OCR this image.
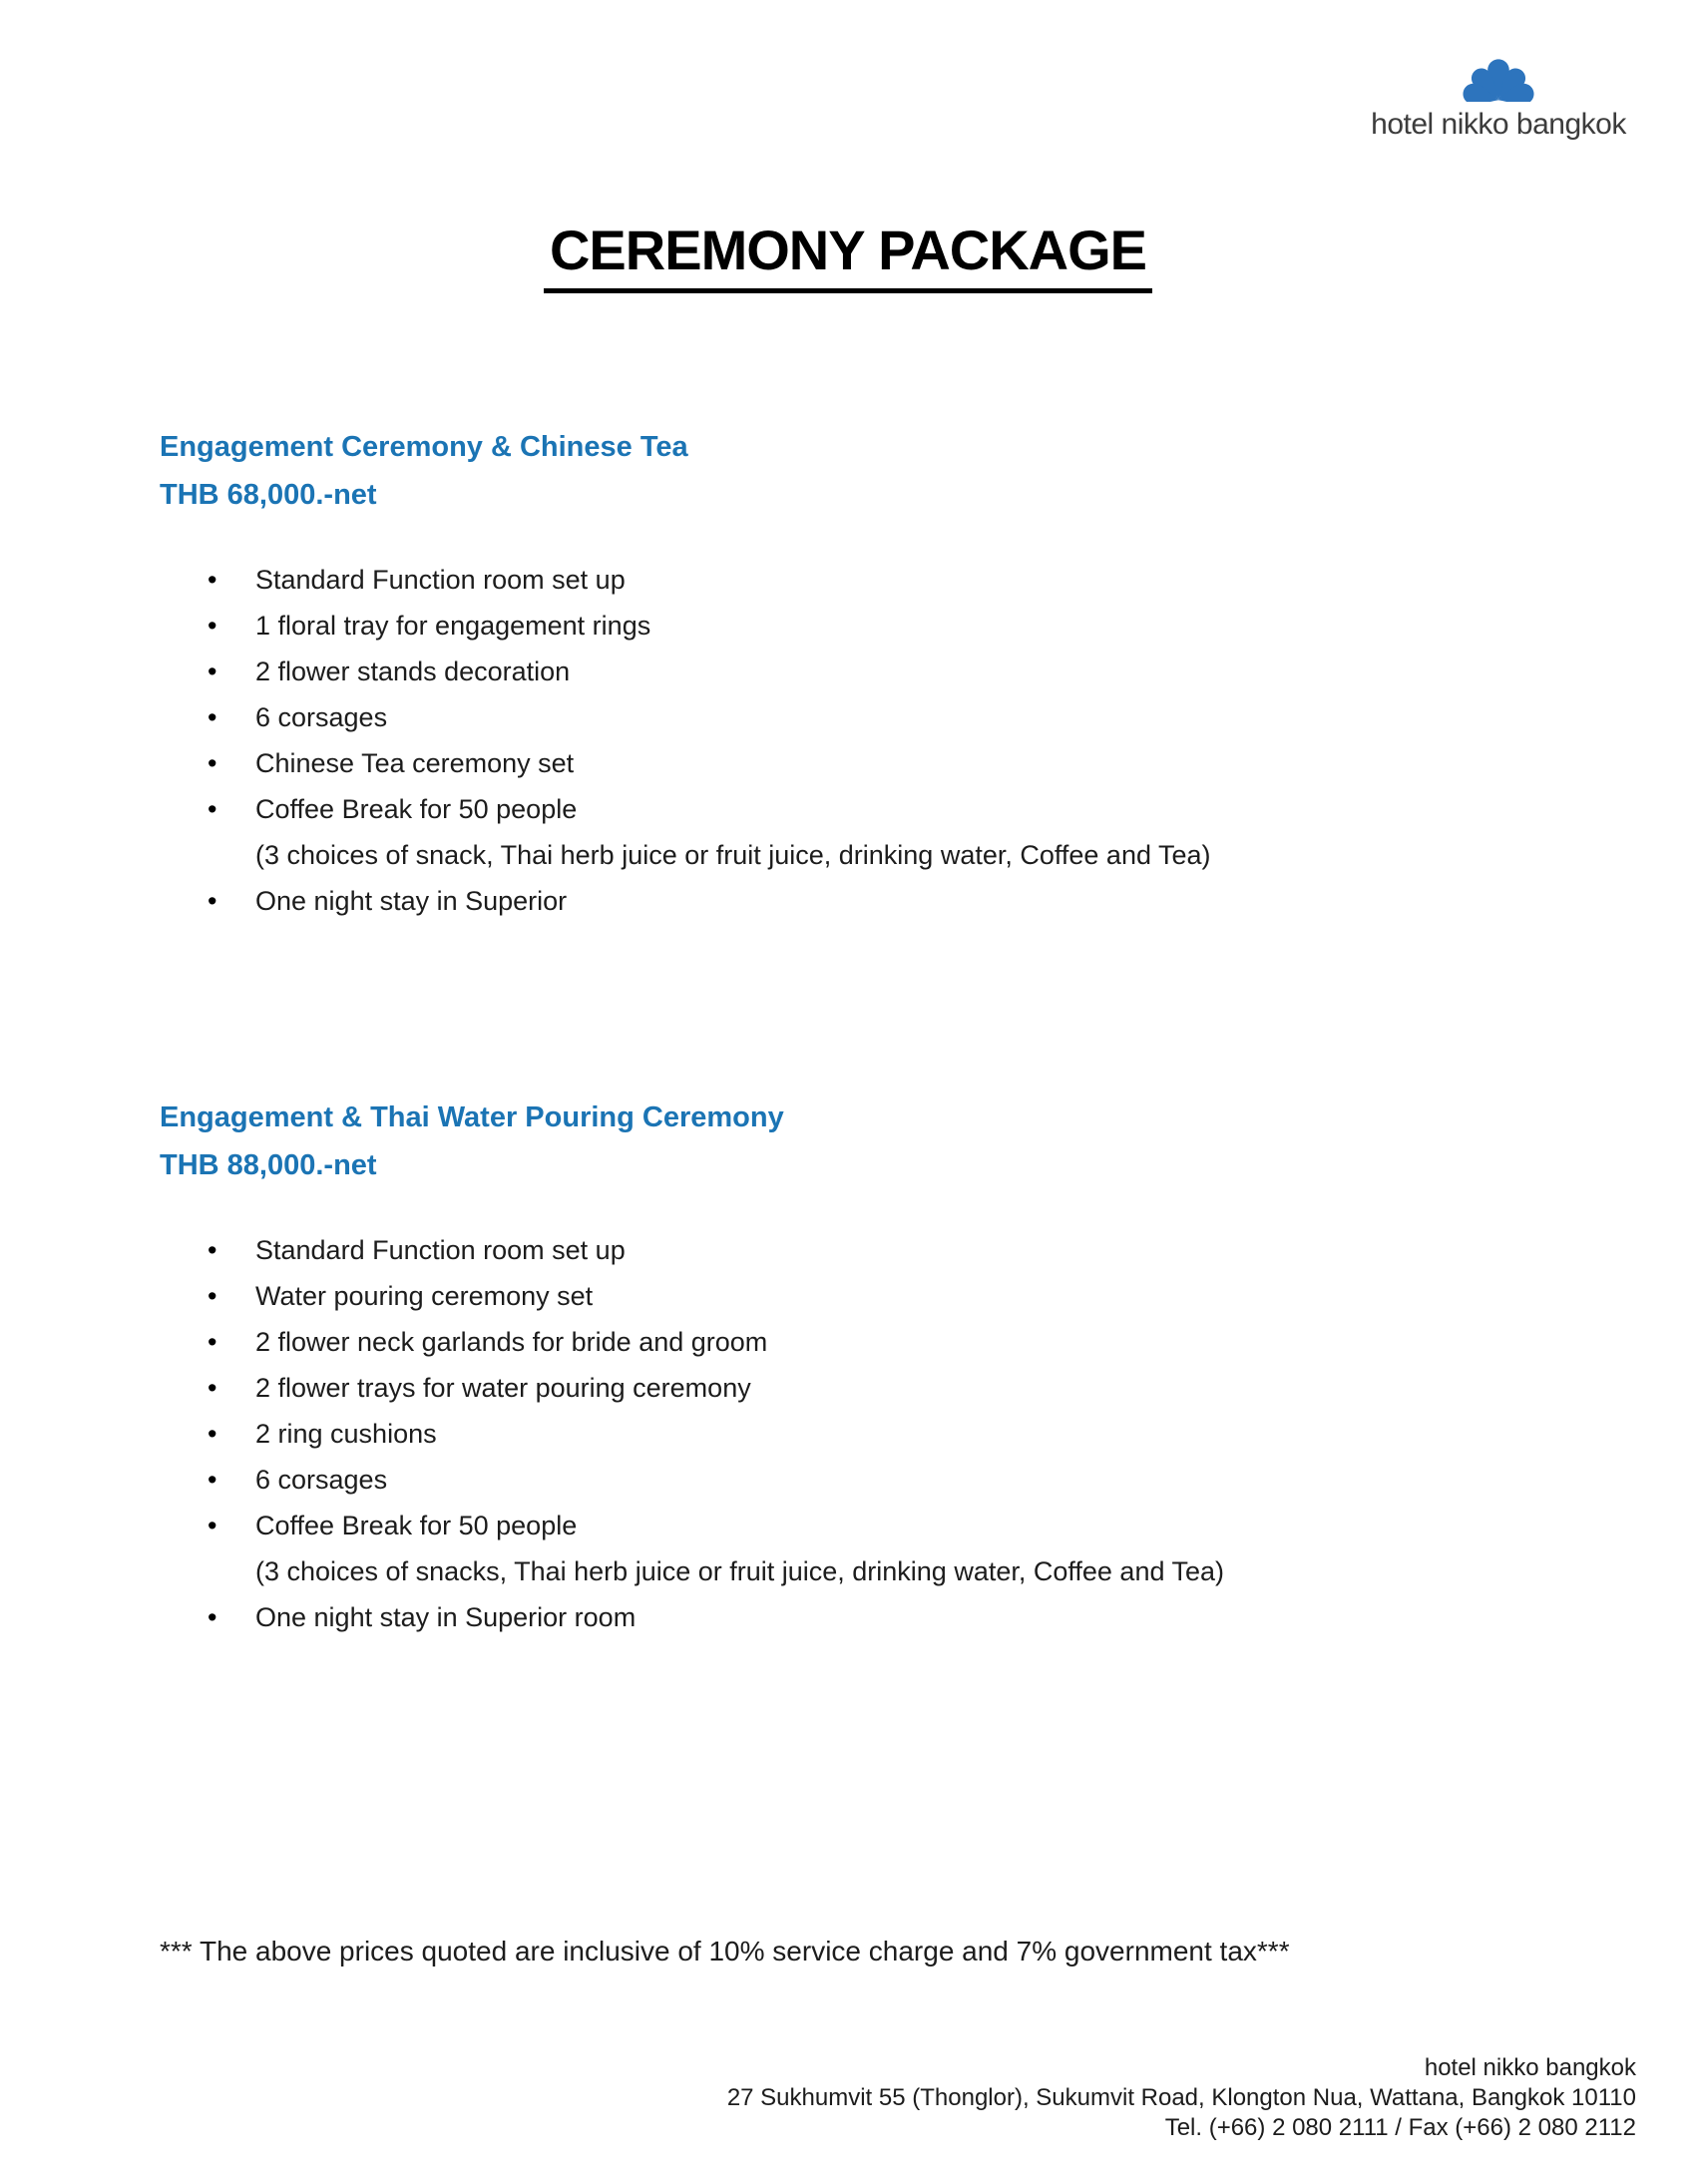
hotel nikko bangkok
CEREMONY PACKAGE
Engagement Ceremony & Chinese Tea
THB 68,000.-net
• Standard Function room set up
• 1 floral tray for engagement rings
• 2 flower stands decoration
• 6 corsages
• Chinese Tea ceremony set
• Coffee Break for 50 people
(3 choices of snack, Thai herb juice or fruit juice, drinking water, Coffee and Tea)
• One night stay in Superior
Engagement & Thai Water Pouring Ceremony
THB 88,000.-net
• Standard Function room set up
• Water pouring ceremony set
• 2 flower neck garlands for bride and groom
• 2 flower trays for water pouring ceremony
• 2 ring cushions
• 6 corsages
• Coffee Break for 50 people
(3 choices of snacks, Thai herb juice or fruit juice, drinking water, Coffee and Tea)
• One night stay in Superior room
*** The above prices quoted are inclusive of 10% service charge and 7% government tax***
hotel nikko bangkok
27 Sukhumvit 55 (Thonglor), Sukumvit Road, Klongton Nua, Wattana, Bangkok 10110
Tel. (+66) 2 080 2111 / Fax (+66) 2 080 2112
